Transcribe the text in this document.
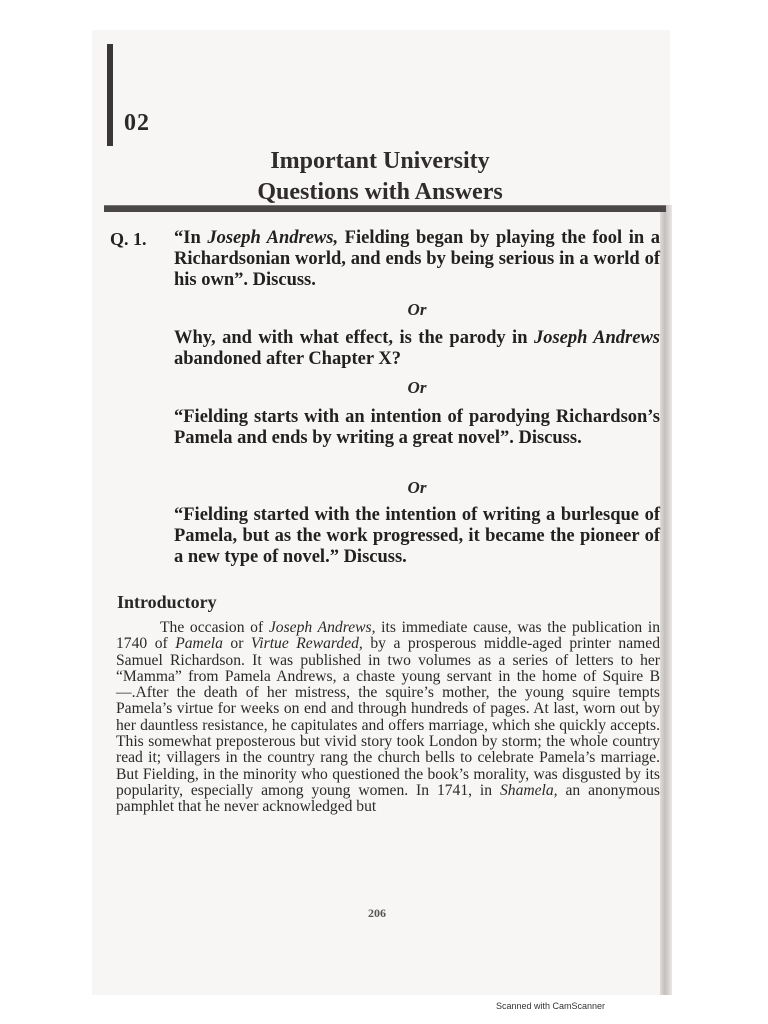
02
Important University
Questions with Answers
Q. 1. “In Joseph Andrews, Fielding began by playing the fool in a Richardsonian world, and ends by being serious in a world of his own”. Discuss.
Or
Why, and with what effect, is the parody in Joseph Andrews abandoned after Chapter X?
Or
“Fielding starts with an intention of parodying Richardson’s Pamela and ends by writing a great novel”. Discuss.
Or
“Fielding started with the intention of writing a burlesque of Pamela, but as the work progressed, it became the pioneer of a new type of novel.” Discuss.
Introductory

The occasion of Joseph Andrews, its immediate cause, was the publication in 1740 of Pamela or Virtue Rewarded, by a prosperous middle-aged printer named Samuel Richardson. It was published in two volumes as a series of letters to her “Mamma” from Pamela Andrews, a chaste young servant in the home of Squire B—.After the death of her mistress, the squire’s mother, the young squire tempts Pamela’s virtue for weeks on end and through hundreds of pages. At last, worn out by her dauntless resistance, he capitulates and offers marriage, which she quickly accepts. This somewhat preposterous but vivid story took London by storm; the whole country read it; villagers in the country rang the church bells to celebrate Pamela’s marriage. But Fielding, in the minority who questioned the book’s morality, was disgusted by its popularity, especially among young women. In 1741, in Shamela, an anonymous pamphlet that he never acknowledged but

206
Scanned with CamScanner
